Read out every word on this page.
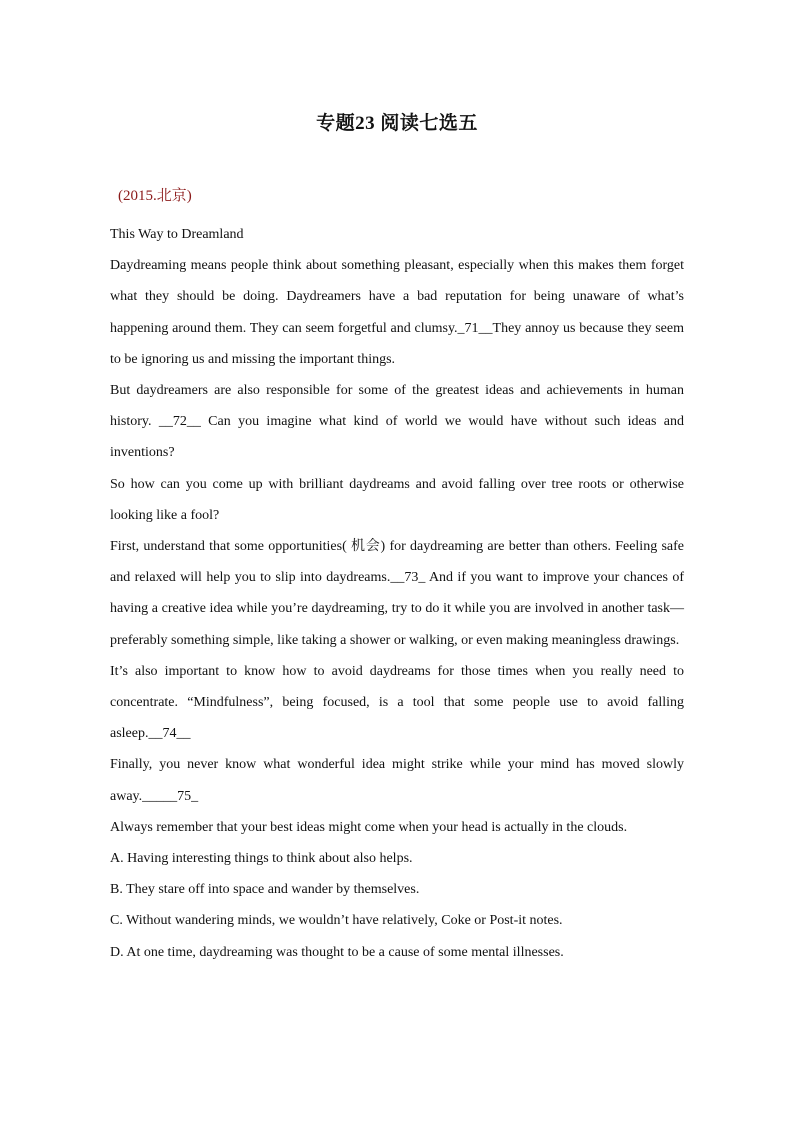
专题23 阅读七选五
(2015.北京)

This Way to Dreamland

Daydreaming means people think about something pleasant, especially when this makes them forget what they should be doing. Daydreamers have a bad reputation for being unaware of what’s happening around them. They can seem forgetful and clumsy._71__They annoy us because they seem to be ignoring us and missing the important things.

But daydreamers are also responsible for some of the greatest ideas and achievements in human history. __72__ Can you imagine what kind of world we would have without such ideas and inventions?

So how can you come up with brilliant daydreams and avoid falling over tree roots or otherwise looking like a fool?

First, understand that some opportunities( 机会) for daydreaming are better than others. Feeling safe and relaxed will help you to slip into daydreams.__73_ And if you want to improve your chances of having a creative idea while you’re daydreaming, try to do it while you are involved in another task—preferably something simple, like taking a shower or walking, or even making meaningless drawings.

It’s also important to know how to avoid daydreams for those times when you really need to concentrate. “Mindfulness”, being focused, is a tool that some people use to avoid falling asleep.__74__

Finally, you never know what wonderful idea might strike while your mind has moved slowly away._____75_

Always remember that your best ideas might come when your head is actually in the clouds.

A. Having interesting things to think about also helps.

B. They stare off into space and wander by themselves.

C. Without wandering minds, we wouldn’t have relatively, Coke or Post-it notes.

D. At one time, daydreaming was thought to be a cause of some mental illnesses.
